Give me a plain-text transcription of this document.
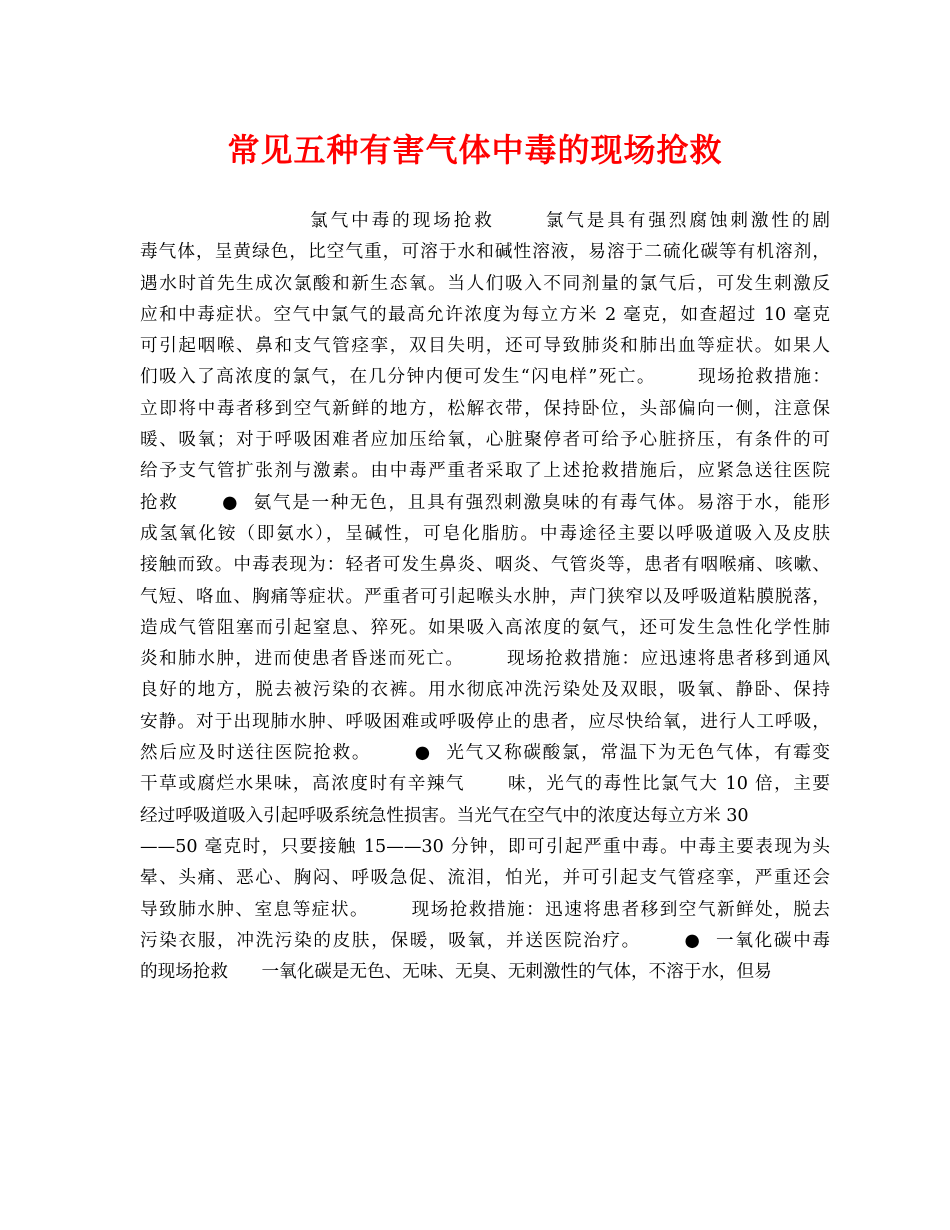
常见五种有害气体中毒的现场抢救
氯气中毒的现场抢救      氯气是具有强烈腐蚀刺激性的剧
毒气体，呈黄绿色，比空气重，可溶于水和碱性溶液，易溶于二硫化碳等有机溶剂，
遇水时首先生成次氯酸和新生态氧。当人们吸入不同剂量的氯气后，可发生刺激反
应和中毒症状。空气中氯气的最高允许浓度为每立方米 2 毫克，如查超过 10 毫克
可引起咽喉、鼻和支气管痉挛，双目失明，还可导致肺炎和肺出血等症状。如果人
们吸入了高浓度的氯气，在几分钟内便可发生“闪电样”死亡。      现场抢救措施：
立即将中毒者移到空气新鲜的地方，松解衣带，保持卧位，头部偏向一侧，注意保
暖、吸氧；对于呼吸困难者应加压给氧，心脏聚停者可给予心脏挤压，有条件的可
给予支气管扩张剂与激素。由中毒严重者采取了上述抢救措施后，应紧急送往医院
抢救      ●  氨气是一种无色，且具有强烈刺激臭味的有毒气体。易溶于水，能形
成氢氧化铵（即氨水），呈碱性，可皂化脂肪。中毒途径主要以呼吸道吸入及皮肤
接触而致。中毒表现为：轻者可发生鼻炎、咽炎、气管炎等，患者有咽喉痛、咳嗽、
气短、咯血、胸痛等症状。严重者可引起喉头水肿，声门狭窄以及呼吸道粘膜脱落，
造成气管阻塞而引起窒息、猝死。如果吸入高浓度的氨气，还可发生急性化学性肺
炎和肺水肿，进而使患者昏迷而死亡。      现场抢救措施：应迅速将患者移到通风
良好的地方，脱去被污染的衣裤。用水彻底冲洗污染处及双眼，吸氧、静卧、保持
安静。对于出现肺水肿、呼吸困难或呼吸停止的患者，应尽快给氧，进行人工呼吸，
然后应及时送往医院抢救。      ●  光气又称碳酸氯，常温下为无色气体，有霉变
干草或腐烂水果味，高浓度时有辛辣气      味，光气的毒性比氯气大 10 倍，主要
经过呼吸道吸入引起呼吸系统急性损害。当光气在空气中的浓度达每立方米 30
——50 毫克时，只要接触 15——30 分钟，即可引起严重中毒。中毒主要表现为头
晕、头痛、恶心、胸闷、呼吸急促、流泪，怕光，并可引起支气管痉挛，严重还会
导致肺水肿、室息等症状。      现场抢救措施：迅速将患者移到空气新鲜处，脱去
污染衣服，冲洗污染的皮肤，保暖，吸氧，并送医院治疗。      ●  一氧化碳中毒
的现场抢救      一氧化碳是无色、无味、无臭、无刺激性的气体，不溶于水，但易
